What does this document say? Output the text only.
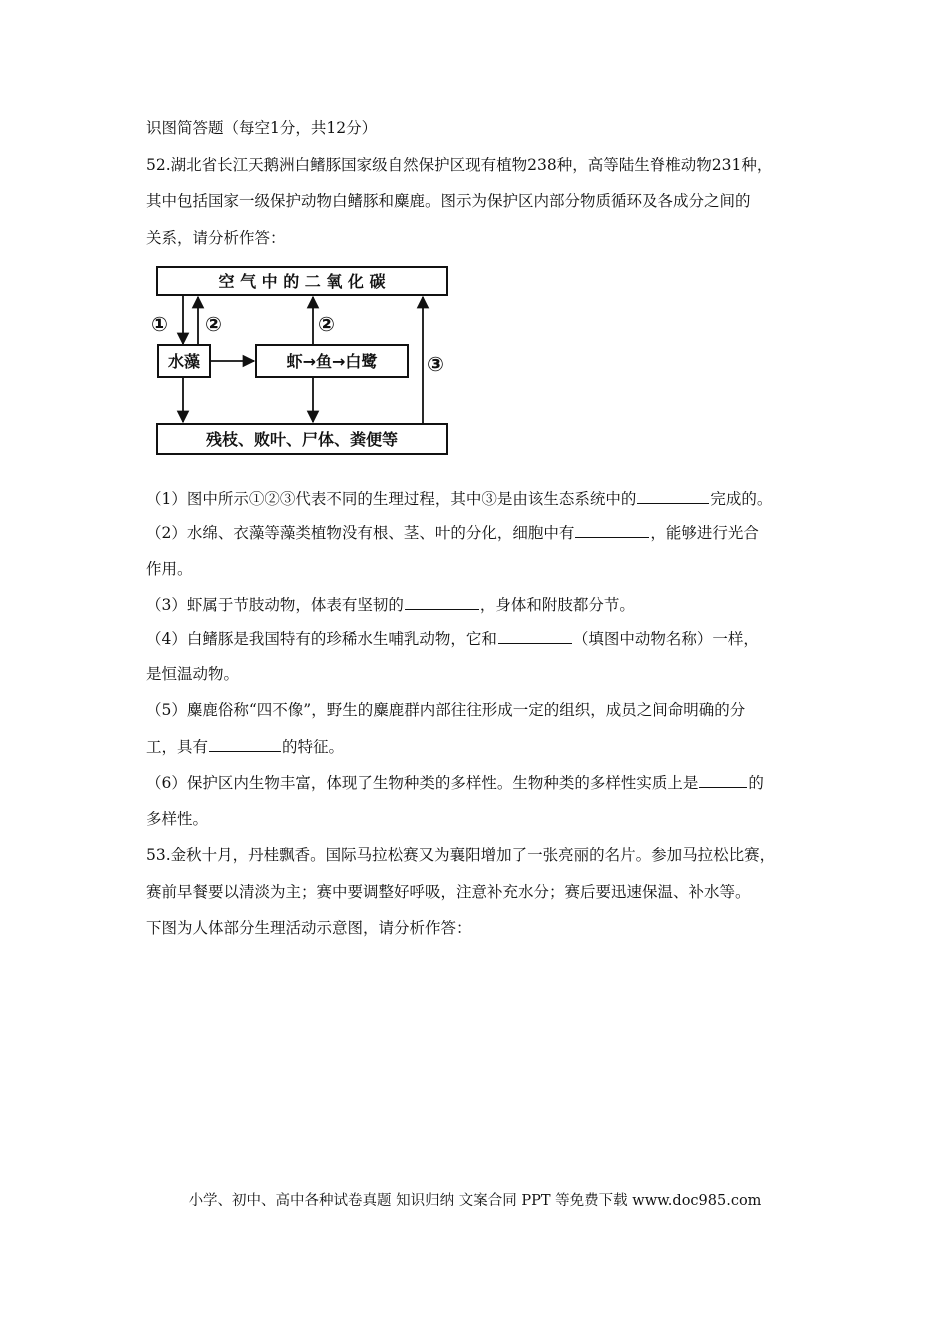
识图简答题（每空1分，共12分）
52.湖北省长江天鹅洲白鳍豚国家级自然保护区现有植物238种，高等陆生脊椎动物231种，
其中包括国家一级保护动物白鳍豚和麋鹿。图示为保护区内部分物质循环及各成分之间的
关系，请分析作答：
空 气 中 的 二 氧 化 碳
水藻	虾→鱼→白鹭
残枝、败叶、尸体、粪便等
① ②	②
③
（1）图中所示①②③代表不同的生理过程，其中③是由该生态系统中的	完成的。
（2）水绵、衣藻等藻类植物没有根、茎、叶的分化，细胞中有	，能够进行光合
作用。
（3）虾属于节肢动物，体表有坚韧的	，身体和附肢都分节。
（4）白鳍豚是我国特有的珍稀水生哺乳动物，它和	（填图中动物名称）一样，
是恒温动物。
（5）麋鹿俗称“四不像”，野生的麋鹿群内部往往形成一定的组织，成员之间命明确的分
工，具有	的特征。
（6）保护区内生物丰富，体现了生物种类的多样性。生物种类的多样性实质上是	的
多样性。
53.金秋十月，丹桂飘香。国际马拉松赛又为襄阳增加了一张亮丽的名片。参加马拉松比赛，
赛前早餐要以清淡为主；赛中要调整好呼吸，注意补充水分；赛后要迅速保温、补水等。
下图为人体部分生理活动示意图，请分析作答：
小学、初中、高中各种试卷真题 知识归纳 文案合同 PPT 等免费下载 www.doc985.com
